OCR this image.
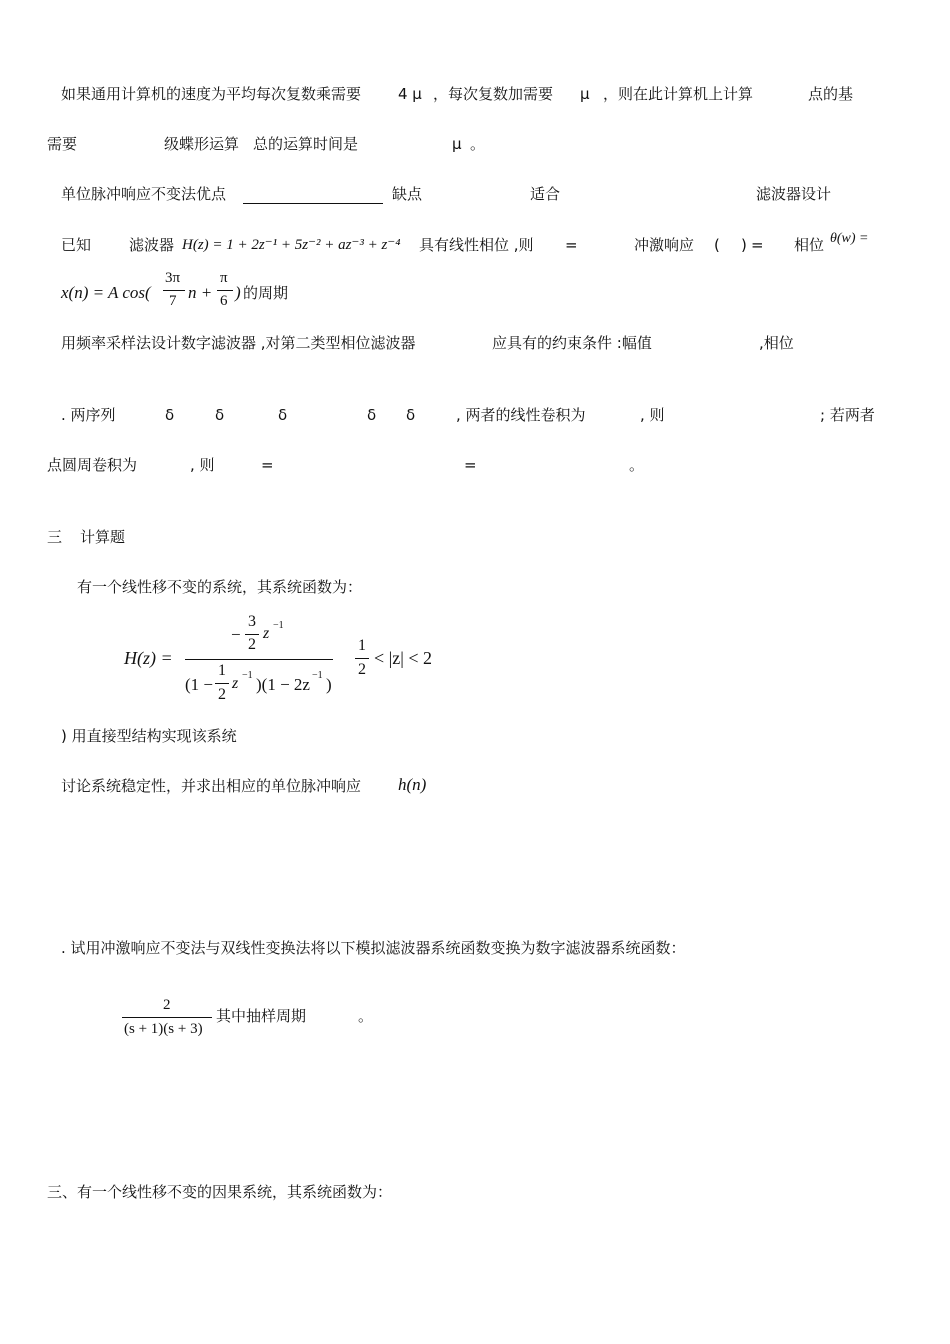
如果通用计算机的速度为平均每次复数乘需要 4 μ ，每次复数加需要 μ ，则在此计算机上计算	点的基
需要	级蝶形运算 总的运算时间是	μ 。
单位脉冲响应不变法优点	缺点	适合	滤波器设计
已知	滤波器 H(z) = 1 + 2z⁻¹ + 5z⁻² + az⁻³ + z⁻⁴ 具有线性相位 ,则 =	冲激响应 ( ) = 相位 θ(w) =
x(n) = A cos(
3π
7 n +
π
6 ) 的周期
用频率采样法设计数字滤波器 ,对第二类型相位滤波器	应具有的约束条件 :幅值	,相位
. 两序列	δ	δ	δ	δ δ	, 两者的线性卷积为	, 则	; 若两者
点圆周卷积为	, 则	=	=	。
三 计算题
有一个线性移不变的系统，其系统函数为：
H(z) =
−
3
2
z −1
(1 −
1
2
z −1 )(1 − 2z −1 )
1
2
< |z| < 2
) 用直接型结构实现该系统
讨论系统稳定性，并求出相应的单位脉冲响应 h(n)
. 试用冲激响应不变法与双线性变换法将以下模拟滤波器系统函数变换为数字滤波器系统函数：
2
(s + 1)(s + 3)
其中抽样周期	。
三、有一个线性移不变的因果系统，其系统函数为：
